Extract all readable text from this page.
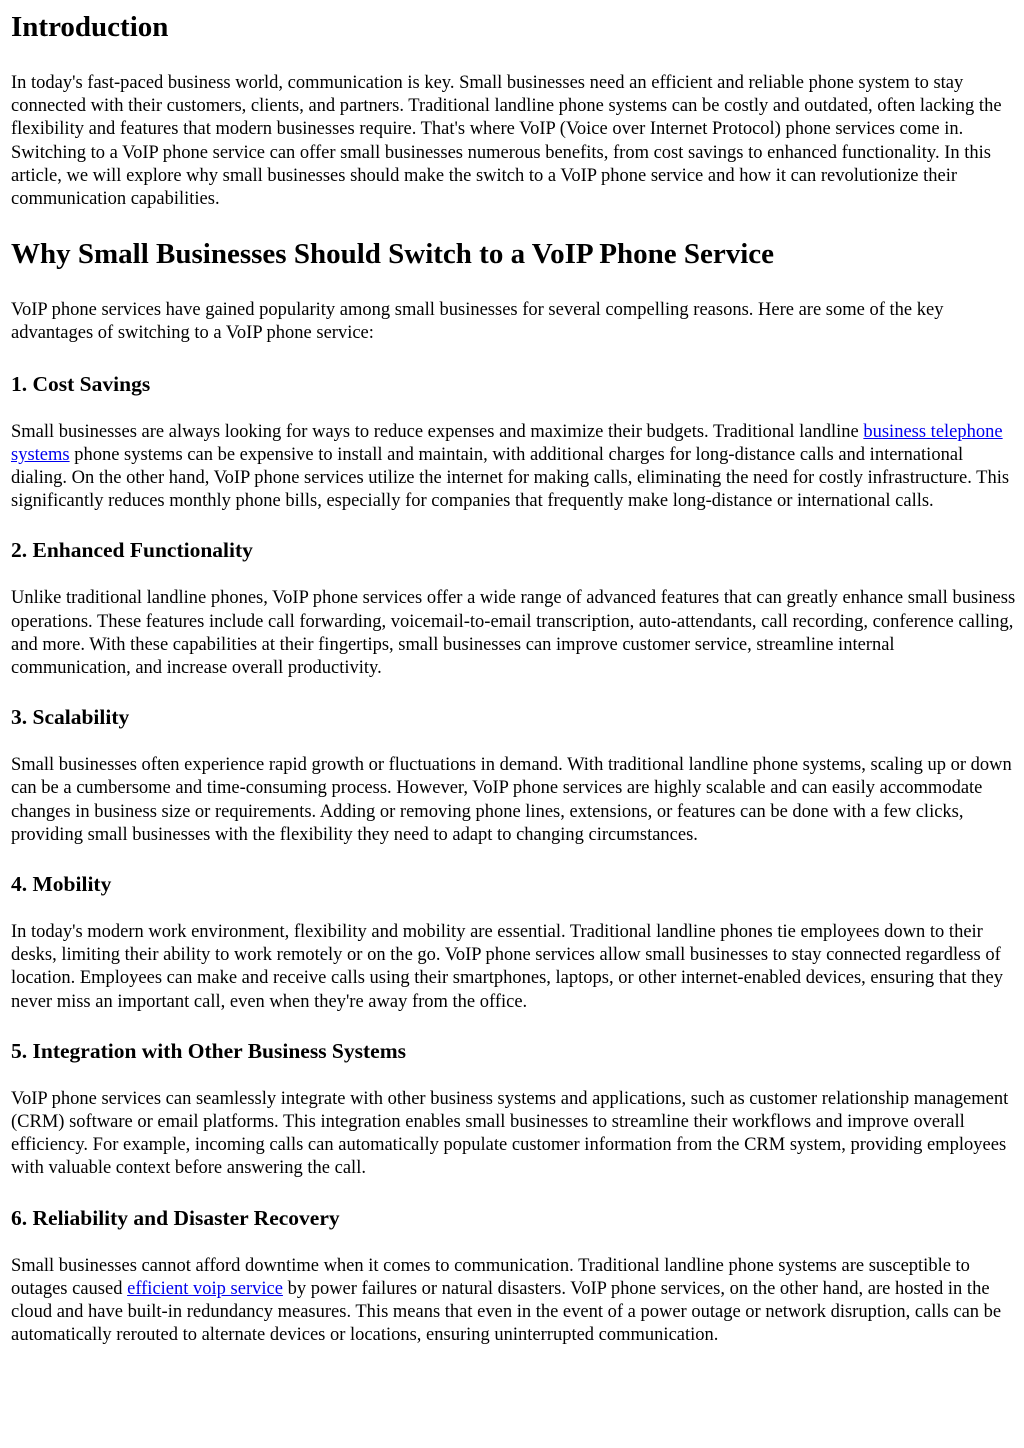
Introduction

In today's fast-paced business world, communication is key. Small businesses need an efficient and reliable phone system to stay connected with their customers, clients, and partners. Traditional landline phone systems can be costly and outdated, often lacking the flexibility and features that modern businesses require. That's where VoIP (Voice over Internet Protocol) phone services come in. Switching to a VoIP phone service can offer small businesses numerous benefits, from cost savings to enhanced functionality. In this article, we will explore why small businesses should make the switch to a VoIP phone service and how it can revolutionize their communication capabilities.

Why Small Businesses Should Switch to a VoIP Phone Service

VoIP phone services have gained popularity among small businesses for several compelling reasons. Here are some of the key advantages of switching to a VoIP phone service:

1. Cost Savings

Small businesses are always looking for ways to reduce expenses and maximize their budgets. Traditional landline business telephone systems phone systems can be expensive to install and maintain, with additional charges for long-distance calls and international dialing. On the other hand, VoIP phone services utilize the internet for making calls, eliminating the need for costly infrastructure. This significantly reduces monthly phone bills, especially for companies that frequently make long-distance or international calls.

2. Enhanced Functionality

Unlike traditional landline phones, VoIP phone services offer a wide range of advanced features that can greatly enhance small business operations. These features include call forwarding, voicemail-to-email transcription, auto-attendants, call recording, conference calling, and more. With these capabilities at their fingertips, small businesses can improve customer service, streamline internal communication, and increase overall productivity.

3. Scalability

Small businesses often experience rapid growth or fluctuations in demand. With traditional landline phone systems, scaling up or down can be a cumbersome and time-consuming process. However, VoIP phone services are highly scalable and can easily accommodate changes in business size or requirements. Adding or removing phone lines, extensions, or features can be done with a few clicks, providing small businesses with the flexibility they need to adapt to changing circumstances.

4. Mobility

In today's modern work environment, flexibility and mobility are essential. Traditional landline phones tie employees down to their desks, limiting their ability to work remotely or on the go. VoIP phone services allow small businesses to stay connected regardless of location. Employees can make and receive calls using their smartphones, laptops, or other internet-enabled devices, ensuring that they never miss an important call, even when they're away from the office.

5. Integration with Other Business Systems

VoIP phone services can seamlessly integrate with other business systems and applications, such as customer relationship management (CRM) software or email platforms. This integration enables small businesses to streamline their workflows and improve overall efficiency. For example, incoming calls can automatically populate customer information from the CRM system, providing employees with valuable context before answering the call.

6. Reliability and Disaster Recovery

Small businesses cannot afford downtime when it comes to communication. Traditional landline phone systems are susceptible to outages caused efficient voip service by power failures or natural disasters. VoIP phone services, on the other hand, are hosted in the cloud and have built-in redundancy measures. This means that even in the event of a power outage or network disruption, calls can be automatically rerouted to alternate devices or locations, ensuring uninterrupted communication.
